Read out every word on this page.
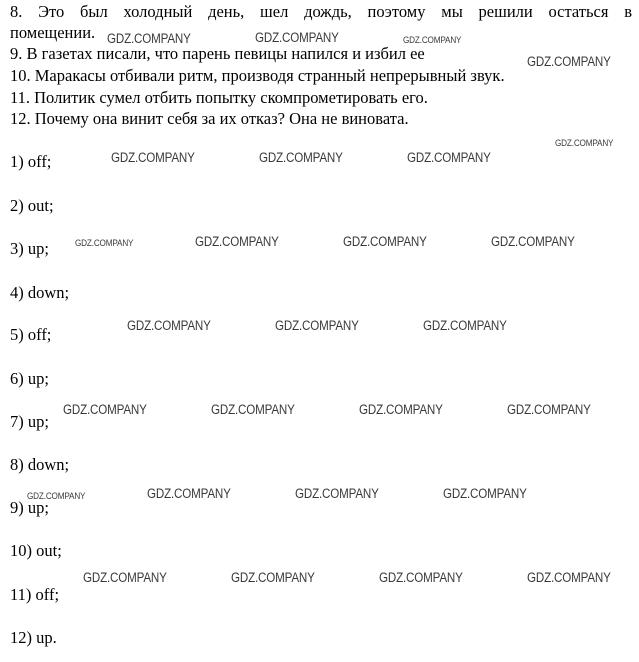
8. Это был холодный день, шел дождь, поэтому мы решили остаться в
помещении.
9. В газетах писали, что парень певицы напился и избил ее
10. Маракасы отбивали ритм, производя странный непрерывный звук.
11. Политик сумел отбить попытку скомпрометировать его.
12. Почему она винит себя за их отказ? Она не виновата.
1) off;
2) out;
3) up;
4) down;
5) off;
6) up;
7) up;
8) down;
9) up;
10) out;
11) off;
12) up.
GDZ.COMPANY	GDZ.COMPANY	GDZ.COMPANY
GDZ.COMPANY
GDZ.COMPANY
GDZ.COMPANY	GDZ.COMPANY	GDZ.COMPANY
GDZ.COMPANY	GDZ.COMPANY	GDZ.COMPANY	GDZ.COMPANY
GDZ.COMPANY	GDZ.COMPANY	GDZ.COMPANY
GDZ.COMPANY	GDZ.COMPANY	GDZ.COMPANY	GDZ.COMPANY
GDZ.COMPANY	GDZ.COMPANY	GDZ.COMPANY	GDZ.COMPANY
GDZ.COMPANY	GDZ.COMPANY	GDZ.COMPANY	GDZ.COMPANY
